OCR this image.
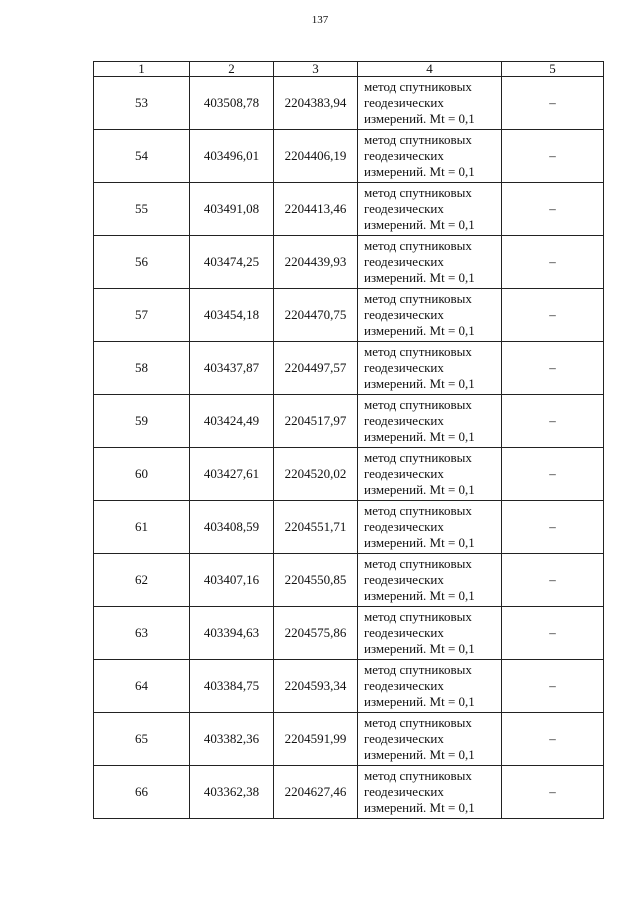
137
1	2	3	4	5
53	403508,78	2204383,94	метод спутниковых
геодезических
измерений. Mt = 0,1	–
54	403496,01	2204406,19	метод спутниковых
геодезических
измерений. Mt = 0,1	–
55	403491,08	2204413,46	метод спутниковых
геодезических
измерений. Mt = 0,1	–
56	403474,25	2204439,93	метод спутниковых
геодезических
измерений. Mt = 0,1	–
57	403454,18	2204470,75	метод спутниковых
геодезических
измерений. Mt = 0,1	–
58	403437,87	2204497,57	метод спутниковых
геодезических
измерений. Mt = 0,1	–
59	403424,49	2204517,97	метод спутниковых
геодезических
измерений. Mt = 0,1	–
60	403427,61	2204520,02	метод спутниковых
геодезических
измерений. Mt = 0,1	–
61	403408,59	2204551,71	метод спутниковых
геодезических
измерений. Mt = 0,1	–
62	403407,16	2204550,85	метод спутниковых
геодезических
измерений. Mt = 0,1	–
63	403394,63	2204575,86	метод спутниковых
геодезических
измерений. Mt = 0,1	–
64	403384,75	2204593,34	метод спутниковых
геодезических
измерений. Mt = 0,1	–
65	403382,36	2204591,99	метод спутниковых
геодезических
измерений. Mt = 0,1	–
66	403362,38	2204627,46	метод спутниковых
геодезических
измерений. Mt = 0,1	–
